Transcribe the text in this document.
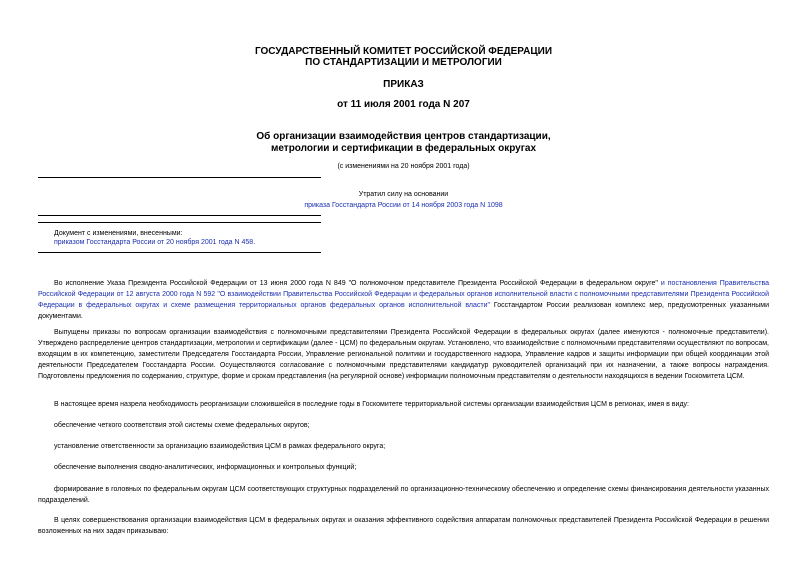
ГОСУДАРСТВЕННЫЙ КОМИТЕТ РОССИЙСКОЙ ФЕДЕРАЦИИ
ПО СТАНДАРТИЗАЦИИ И МЕТРОЛОГИИ
ПРИКАЗ
от 11 июля 2001 года N 207
Об организации взаимодействия центров стандартизации,
метрологии и сертификации в федеральных округах
(с изменениями на 20 ноября 2001 года)
Утратил силу на основании
приказа Госстандарта России от 14 ноября 2003 года N 1098
Документ с изменениями, внесенными:
приказом Госстандарта России от 20 ноября 2001 года N 458.
Во исполнение Указа Президента Российской Федерации от 13 июня 2000 года N 849 "О полномочном представителе Президента Российской Федерации в федеральном округе" и постановления Правительства Российской Федерации от 12 августа 2000 года N 592 "О взаимодействии Правительства Российской Федерации и федеральных органов исполнительной власти с полномочными представителями Президента Российской Федерации в федеральных округах и схеме размещения территориальных органов федеральных органов исполнительной власти" Госстандартом России реализован комплекс мер, предусмотренных указанными документами.
Выпущены приказы по вопросам организации взаимодействия с полномочными представителями Президента Российской Федерации в федеральных округах (далее именуются - полномочные представители). Утверждено распределение центров стандартизации, метрологии и сертификации (далее - ЦСМ) по федеральным округам. Установлено, что взаимодействие с полномочными представителями осуществляют по вопросам, входящим в их компетенцию, заместители Председателя Госстандарта России, Управление региональной политики и государственного надзора, Управление кадров и защиты информации при общей координации этой деятельности Председателем Госстандарта России. Осуществляются согласование с полномочными представителями кандидатур руководителей организаций при их назначении, а также вопросы награждения. Подготовлены предложения по содержанию, структуре, форме и срокам представления (на регулярной основе) информации полномочным представителям о деятельности находящихся в ведении Госкомитета ЦСМ.
В настоящее время назрела необходимость реорганизации сложившейся в последние годы в Госкомитете территориальной системы организации взаимодействия ЦСМ в регионах, имея в виду:
обеспечение четкого соответствия этой системы схеме федеральных округов;
установление ответственности за организацию взаимодействия ЦСМ в рамках федерального округа;
обеспечение выполнения сводно-аналитических, информационных и контрольных функций;
формирование в головных по федеральным округам ЦСМ соответствующих структурных подразделений по организационно-техническому обеспечению и определение схемы финансирования деятельности указанных подразделений.
В целях совершенствования организации взаимодействия ЦСМ в федеральных округах и оказания эффективного содействия аппаратам полномочных представителей Президента Российской Федерации в решении возложенных на них задач приказываю:
